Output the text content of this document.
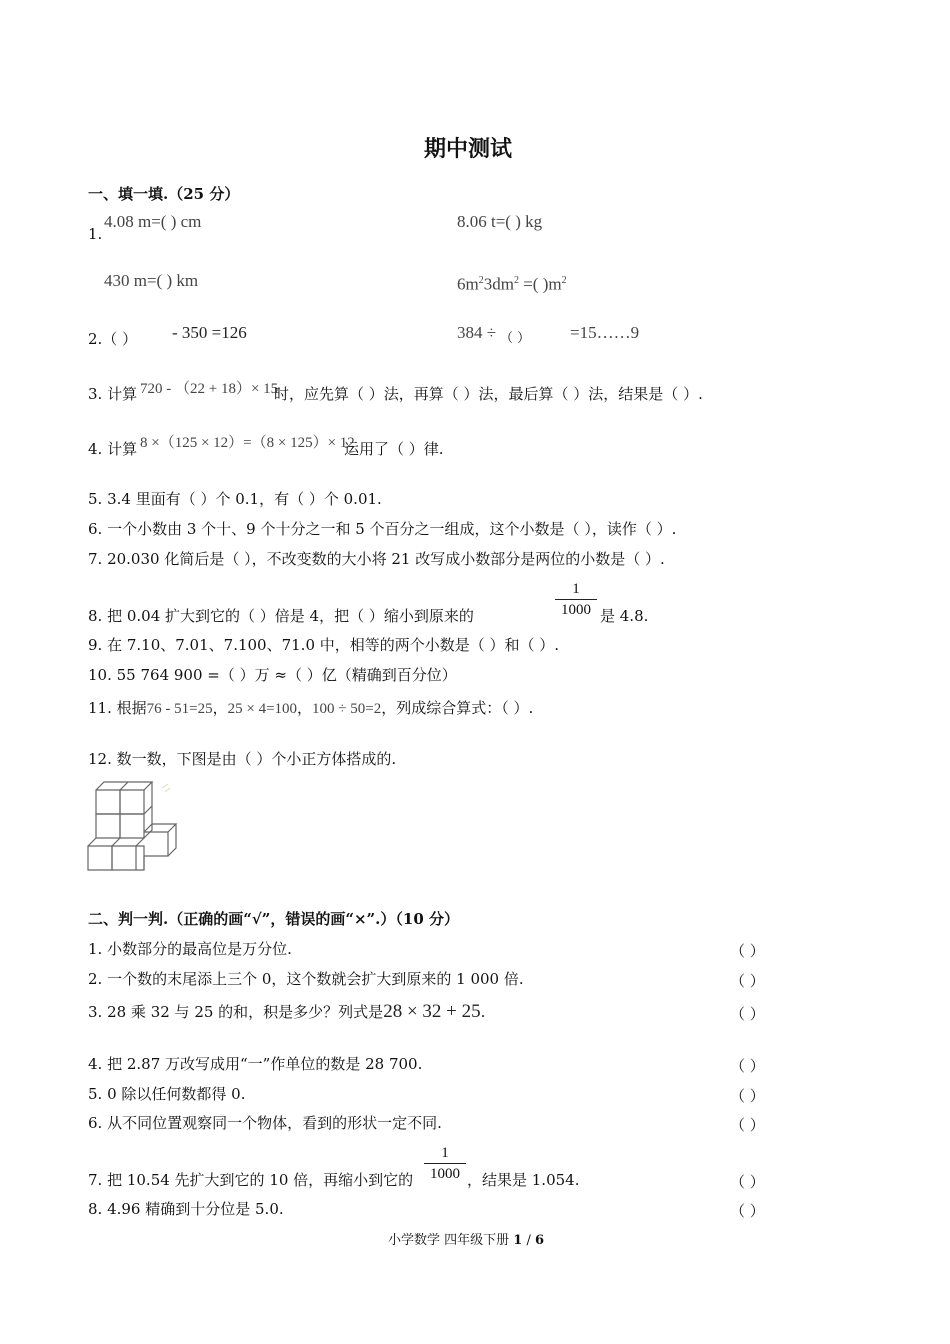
期中测试
一、填一填.（25 分）
1.
4.08 m=( ) cm	8.06 t=( ) kg
430 m=( ) km	$6m^23dm^2$ =( )$m^2$
2.（ ） - 350 =126	384 ÷ （ ） =15……9
3. 计算 720 - （22 + 18）× 15
时，应先算（ ）法，再算（ ）法，最后算（ ）法，结果是（ ）.
4. 计算 8 ×（125 × 12）=（8 × 125）× 12
运用了（ ）律.
5. 3.4 里面有（ ）个 0.1，有（ ）个 0.01.
6. 一个小数由 3 个十、9 个十分之一和 5 个百分之一组成，这个小数是（ ），读作（ ）.
7. 20.030 化简后是（ ），不改变数的大小将 21 改写成小数部分是两位的小数是（ ）.
8. 把 0.04 扩大到它的（ ）倍是 4，把（ ）缩小到原来的
1
1000 是 4.8.
9. 在 7.10、7.01、7.100、71.0 中，相等的两个小数是（ ）和（ ）.
10. 55 764 900 =（ ）万 ≈（ ）亿（精确到百分位）
11. 根据76 - 51=25，25 × 4=100，100 ÷ 50=2，列成综合算式：（ ）.
12. 数一数，下图是由（ ）个小正方体搭成的.
二、判一判.（正确的画“√”，错误的画“×”.）（10 分）
1. 小数部分的最高位是万分位.	（ ）
2. 一个数的末尾添上三个 0，这个数就会扩大到原来的 1 000 倍.	（ ）
3. 28 乘 32 与 25 的和，积是多少？列式是28 × 32 + 25.	（ ）
4. 把 2.87 万改写成用“一”作单位的数是 28 700.	（ ）
5. 0 除以任何数都得 0.	（ ）
6. 从不同位置观察同一个物体，看到的形状一定不同.	（ ）
7. 把 10.54 先扩大到它的 10 倍，再缩小到它的
1
1000 ，结果是 1.054.	（ ）
8. 4.96 精确到十分位是 5.0.	（ ）
小学数学 四年级下册 1 / 6
